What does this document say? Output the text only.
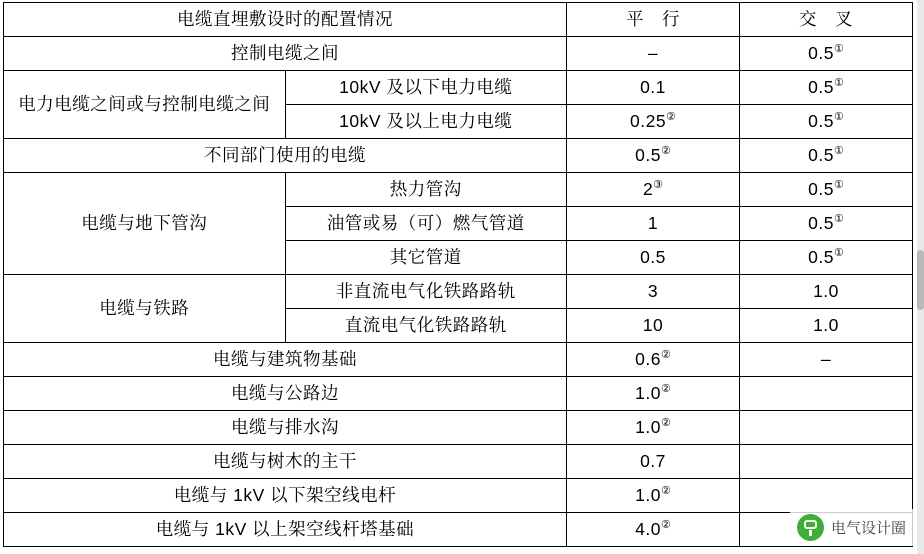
电缆直埋敷设时的配置情况		平　行	交　叉
控制电缆之间		–	0.5①
电力电缆之间或与控制电缆之间	10kV 及以下电力电缆	0.1	0.5①
	10kV 及以上电力电缆	0.25②	0.5①
不同部门使用的电缆		0.5②	0.5①
电缆与地下管沟	热力管沟	2③	0.5①
	油管或易（可）燃气管道	1	0.5①
	其它管道	0.5	0.5①
电缆与铁路	非直流电气化铁路路轨	3	1.0
	直流电气化铁路路轨	10	1.0
电缆与建筑物基础		0.6②	–
电缆与公路边		1.0②	
电缆与排水沟		1.0②	
电缆与树木的主干		0.7	
电缆与 1kV 以下架空线电杆		1.0②	
电缆与 1kV 以上架空线杆塔基础		4.0②		电气设计圈
